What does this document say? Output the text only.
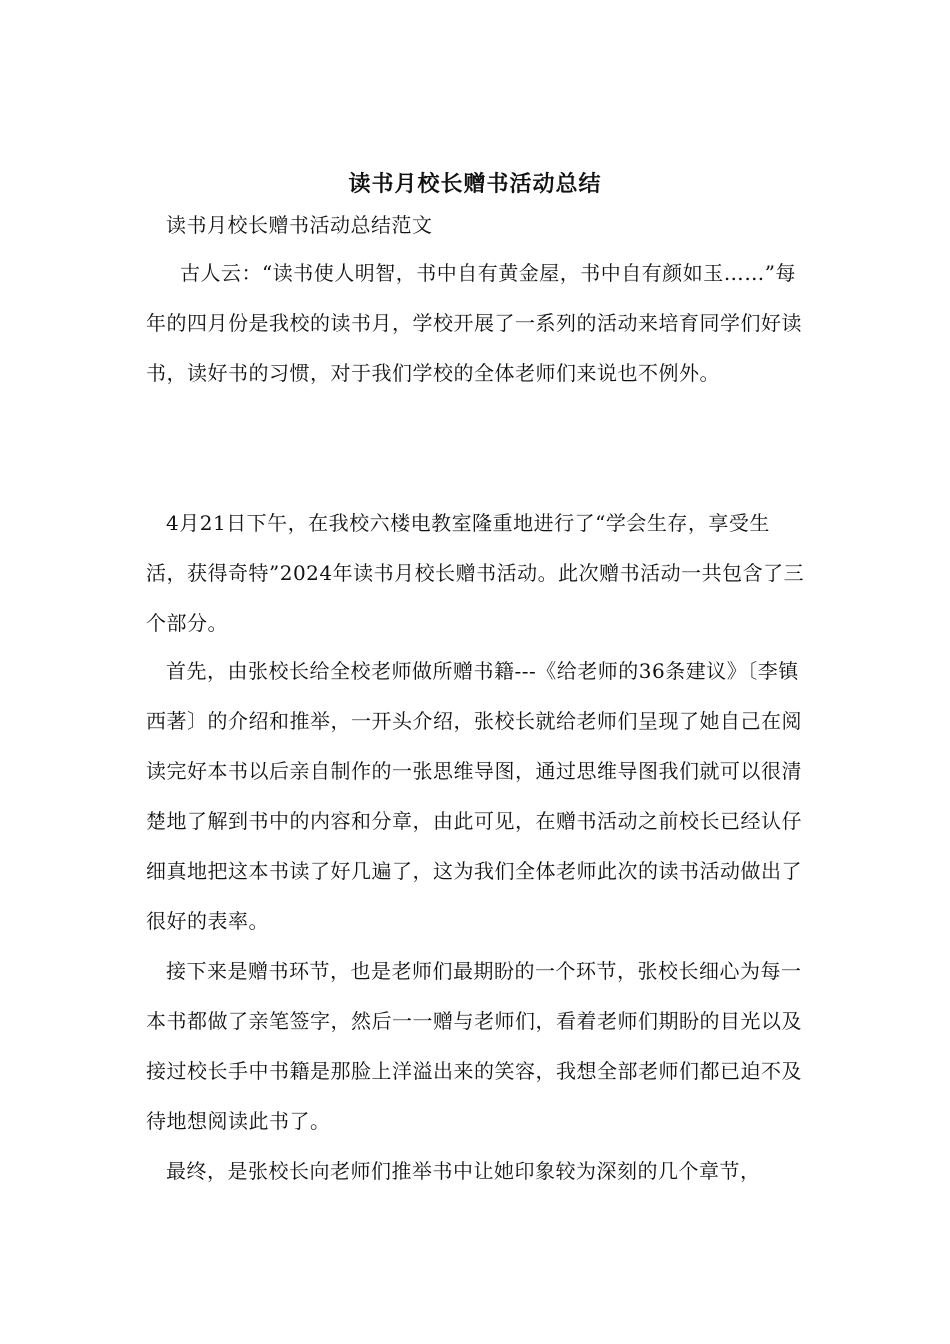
读书月校长赠书活动总结

读书月校长赠书活动总结范文

古人云：“读书使人明智，书中自有黄金屋，书中自有颜如玉……”每年的四月份是我校的读书月，学校开展了一系列的活动来培育同学们好读书，读好书的习惯，对于我们学校的全体老师们来说也不例外。

4月21日下午，在我校六楼电教室隆重地进行了“学会生存，享受生活，获得奇特”2024年读书月校长赠书活动。此次赠书活动一共包含了三个部分。

首先，由张校长给全校老师做所赠书籍---《给老师的36条建议》〔李镇西著〕的介绍和推举，一开头介绍，张校长就给老师们呈现了她自己在阅读完好本书以后亲自制作的一张思维导图，通过思维导图我们就可以很清楚地了解到书中的内容和分章，由此可见，在赠书活动之前校长已经认仔细真地把这本书读了好几遍了，这为我们全体老师此次的读书活动做出了很好的表率。

接下来是赠书环节，也是老师们最期盼的一个环节，张校长细心为每一本书都做了亲笔签字，然后一一赠与老师们，看着老师们期盼的目光以及接过校长手中书籍是那脸上洋溢出来的笑容，我想全部老师们都已迫不及待地想阅读此书了。

最终，是张校长向老师们推举书中让她印象较为深刻的几个章节，
